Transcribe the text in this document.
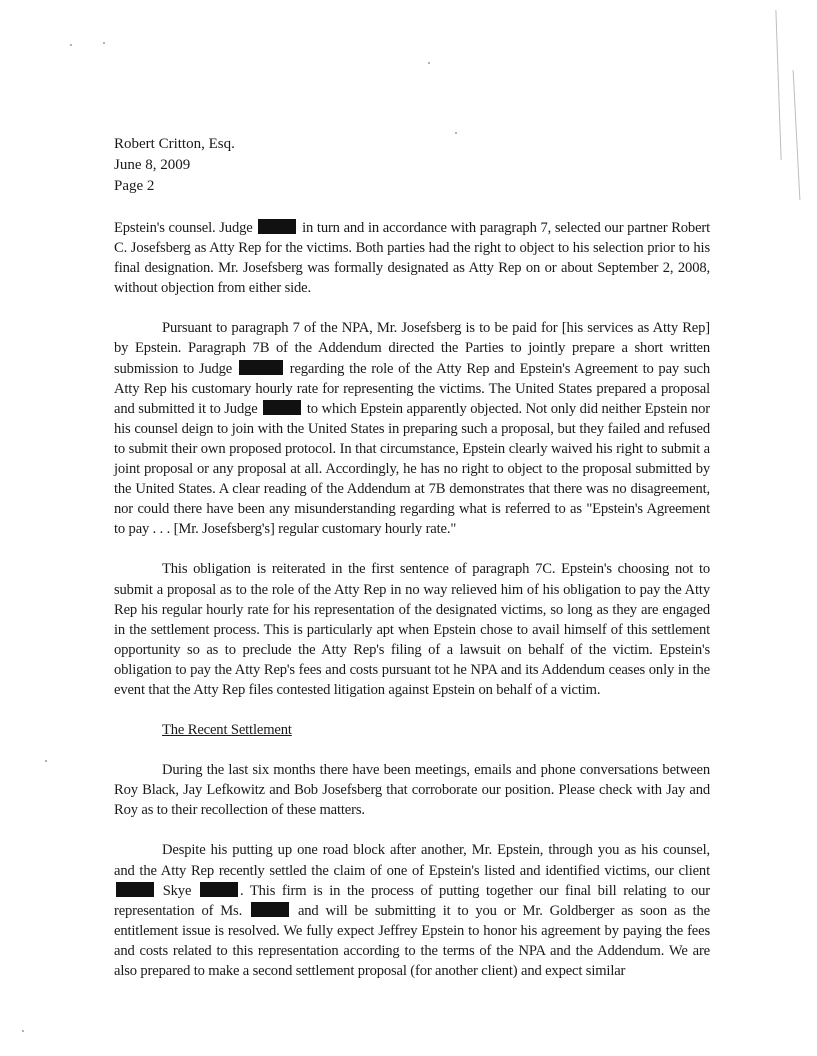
Robert Critton, Esq.
June 8, 2009
Page 2

Epstein's counsel. Judge	in turn and in accordance with paragraph 7, selected our partner Robert C. Josefsberg as Atty Rep for the victims. Both parties had the right to object to his selection prior to his final designation. Mr. Josefsberg was formally designated as Atty Rep on or about September 2, 2008, without objection from either side.

Pursuant to paragraph 7 of the NPA, Mr. Josefsberg is to be paid for [his services as Atty Rep] by Epstein. Paragraph 7B of the Addendum directed the Parties to jointly prepare a short written submission to Judge	regarding the role of the Atty Rep and Epstein's Agreement to pay such Atty Rep his customary hourly rate for representing the victims. The United States prepared a proposal and submitted it to Judge	to which Epstein apparently objected. Not only did neither Epstein nor his counsel deign to join with the United States in preparing such a proposal, but they failed and refused to submit their own proposed protocol. In that circumstance, Epstein clearly waived his right to submit a joint proposal or any proposal at all. Accordingly, he has no right to object to the proposal submitted by the United States. A clear reading of the Addendum at 7B demonstrates that there was no disagreement, nor could there have been any misunderstanding regarding what is referred to as "Epstein's Agreement to pay . . . [Mr. Josefsberg's] regular customary hourly rate."

This obligation is reiterated in the first sentence of paragraph 7C. Epstein's choosing not to submit a proposal as to the role of the Atty Rep in no way relieved him of his obligation to pay the Atty Rep his regular hourly rate for his representation of the designated victims, so long as they are engaged in the settlement process. This is particularly apt when Epstein chose to avail himself of this settlement opportunity so as to preclude the Atty Rep's filing of a lawsuit on behalf of the victim. Epstein's obligation to pay the Atty Rep's fees and costs pursuant tot he NPA and its Addendum ceases only in the event that the Atty Rep files contested litigation against Epstein on behalf of a victim.

The Recent Settlement

During the last six months there have been meetings, emails and phone conversations between Roy Black, Jay Lefkowitz and Bob Josefsberg that corroborate our position. Please check with Jay and Roy as to their recollection of these matters.

Despite his putting up one road block after another, Mr. Epstein, through you as his counsel, and the Atty Rep recently settled the claim of one of Epstein's listed and identified victims, our client  Skye	. This firm is in the process of putting together our final bill relating to our representation of Ms.	and will be submitting it to you or Mr. Goldberger as soon as the entitlement issue is resolved. We fully expect Jeffrey Epstein to honor his agreement by paying the fees and costs related to this representation according to the terms of the NPA and the Addendum. We are also prepared to make a second settlement proposal (for another client) and expect similar
